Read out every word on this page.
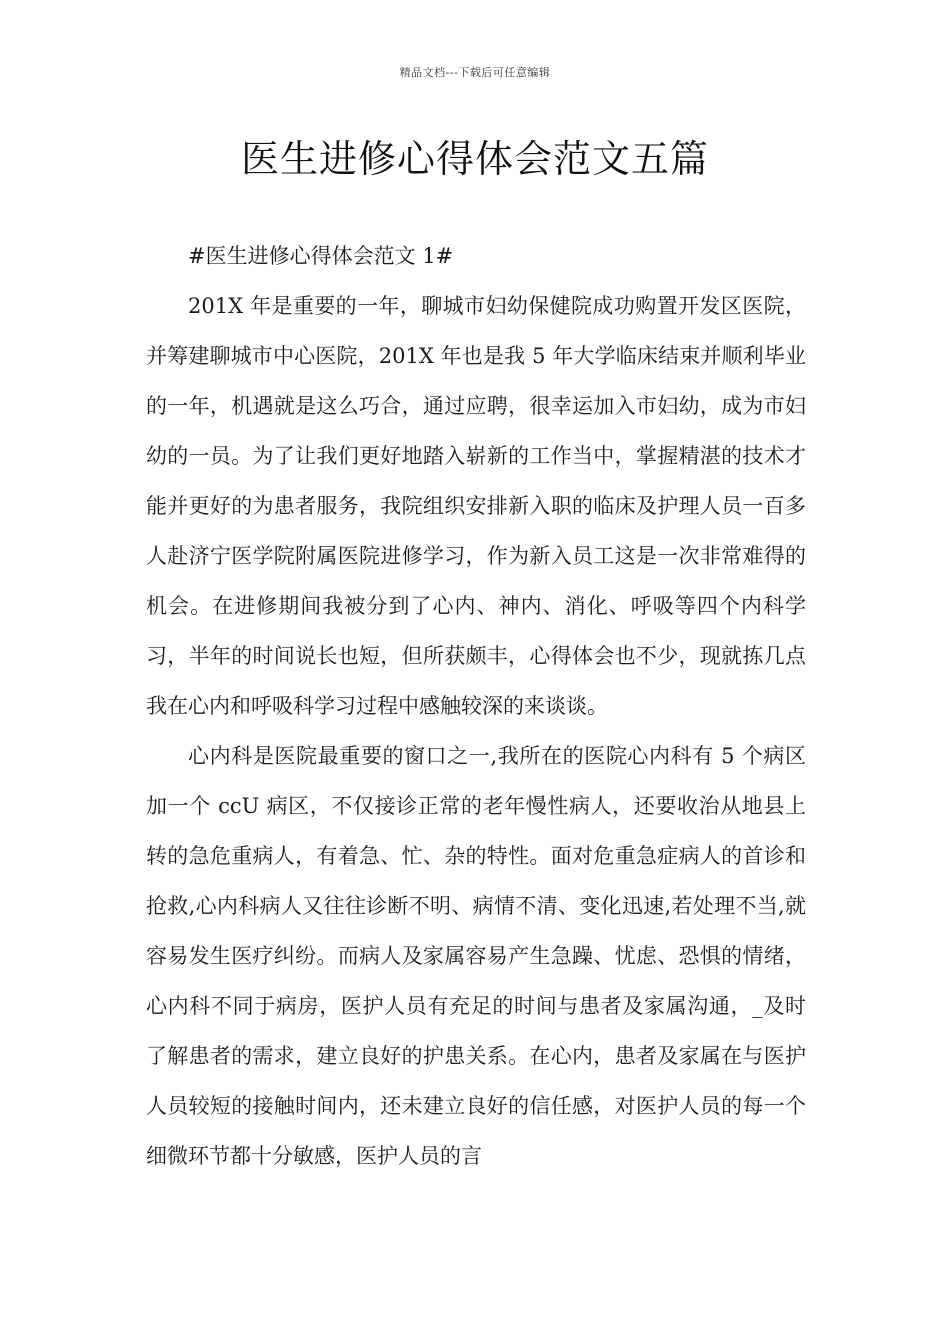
精品文档---下载后可任意编辑
医生进修心得体会范文五篇

#医生进修心得体会范文 1#

201X 年是重要的一年，聊城市妇幼保健院成功购置开发区医院，并筹建聊城市中心医院，201X 年也是我 5 年大学临床结束并顺利毕业的一年，机遇就是这么巧合，通过应聘，很幸运加入市妇幼，成为市妇幼的一员。为了让我们更好地踏入崭新的工作当中，掌握精湛的技术才能并更好的为患者服务，我院组织安排新入职的临床及护理人员一百多人赴济宁医学院附属医院进修学习，作为新入员工这是一次非常难得的机会。在进修期间我被分到了心内、神内、消化、呼吸等四个内科学习，半年的时间说长也短，但所获颇丰，心得体会也不少，现就拣几点我在心内和呼吸科学习过程中感触较深的来谈谈。

心内科是医院最重要的窗口之一,我所在的医院心内科有 5 个病区加一个 ccU 病区，不仅接诊正常的老年慢性病人，还要收治从地县上转的急危重病人，有着急、忙、杂的特性。面对危重急症病人的首诊和抢救,心内科病人又往往诊断不明、病情不清、变化迅速,若处理不当,就容易发生医疗纠纷。而病人及家属容易产生急躁、忧虑、恐惧的情绪，心内科不同于病房，医护人员有充足的时间与患者及家属沟通，_及时了解患者的需求，建立良好的护患关系。在心内，患者及家属在与医护人员较短的接触时间内，还未建立良好的信任感，对医护人员的每一个细微环节都十分敏感，医护人员的言
